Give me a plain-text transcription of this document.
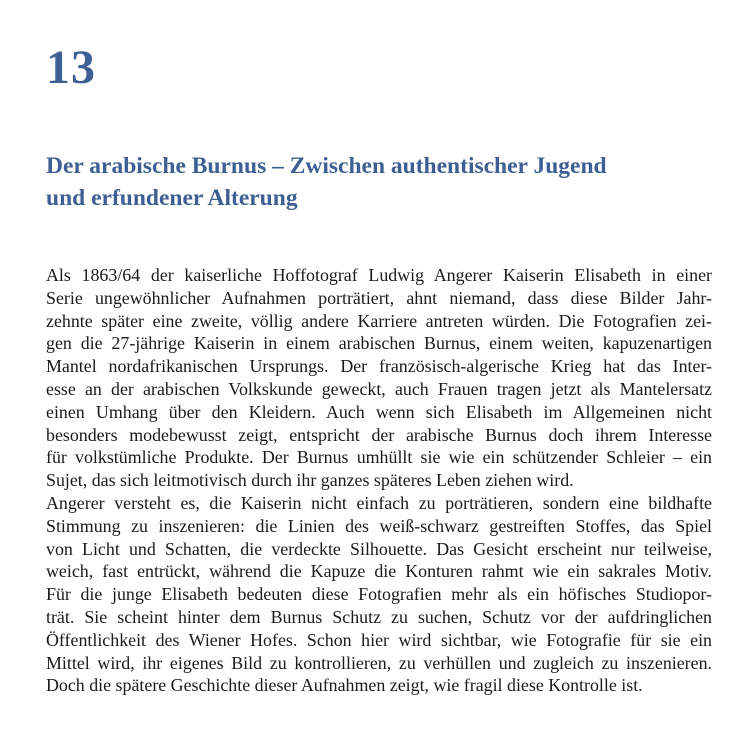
13
Der arabische Burnus – Zwischen authentischer Jugend
und erfundener Alterung
Als 1863/64 der kaiserliche Hoffotograf Ludwig Angerer Kaiserin Elisabeth in einer
Serie ungewöhnlicher Aufnahmen porträtiert, ahnt niemand, dass diese Bilder Jahr-
zehnte später eine zweite, völlig andere Karriere antreten würden. Die Fotografien zei-
gen die 27-jährige Kaiserin in einem arabischen Burnus, einem weiten, kapuzenartigen
Mantel nordafrikanischen Ursprungs. Der französisch-algerische Krieg hat das Inter-
esse an der arabischen Volkskunde geweckt, auch Frauen tragen jetzt als Mantelersatz
einen Umhang über den Kleidern. Auch wenn sich Elisabeth im Allgemeinen nicht
besonders modebewusst zeigt, entspricht der arabische Burnus doch ihrem Interesse
für volkstümliche Produkte. Der Burnus umhüllt sie wie ein schützender Schleier – ein
Sujet, das sich leitmotivisch durch ihr ganzes späteres Leben ziehen wird.
Angerer versteht es, die Kaiserin nicht einfach zu porträtieren, sondern eine bildhafte
Stimmung zu inszenieren: die Linien des weiß-schwarz gestreiften Stoffes, das Spiel
von Licht und Schatten, die verdeckte Silhouette. Das Gesicht erscheint nur teilweise,
weich, fast entrückt, während die Kapuze die Konturen rahmt wie ein sakrales Motiv.
Für die junge Elisabeth bedeuten diese Fotografien mehr als ein höfisches Studiopor-
trät. Sie scheint hinter dem Burnus Schutz zu suchen, Schutz vor der aufdringlichen
Öffentlichkeit des Wiener Hofes. Schon hier wird sichtbar, wie Fotografie für sie ein
Mittel wird, ihr eigenes Bild zu kontrollieren, zu verhüllen und zugleich zu inszenieren.
Doch die spätere Geschichte dieser Aufnahmen zeigt, wie fragil diese Kontrolle ist.
